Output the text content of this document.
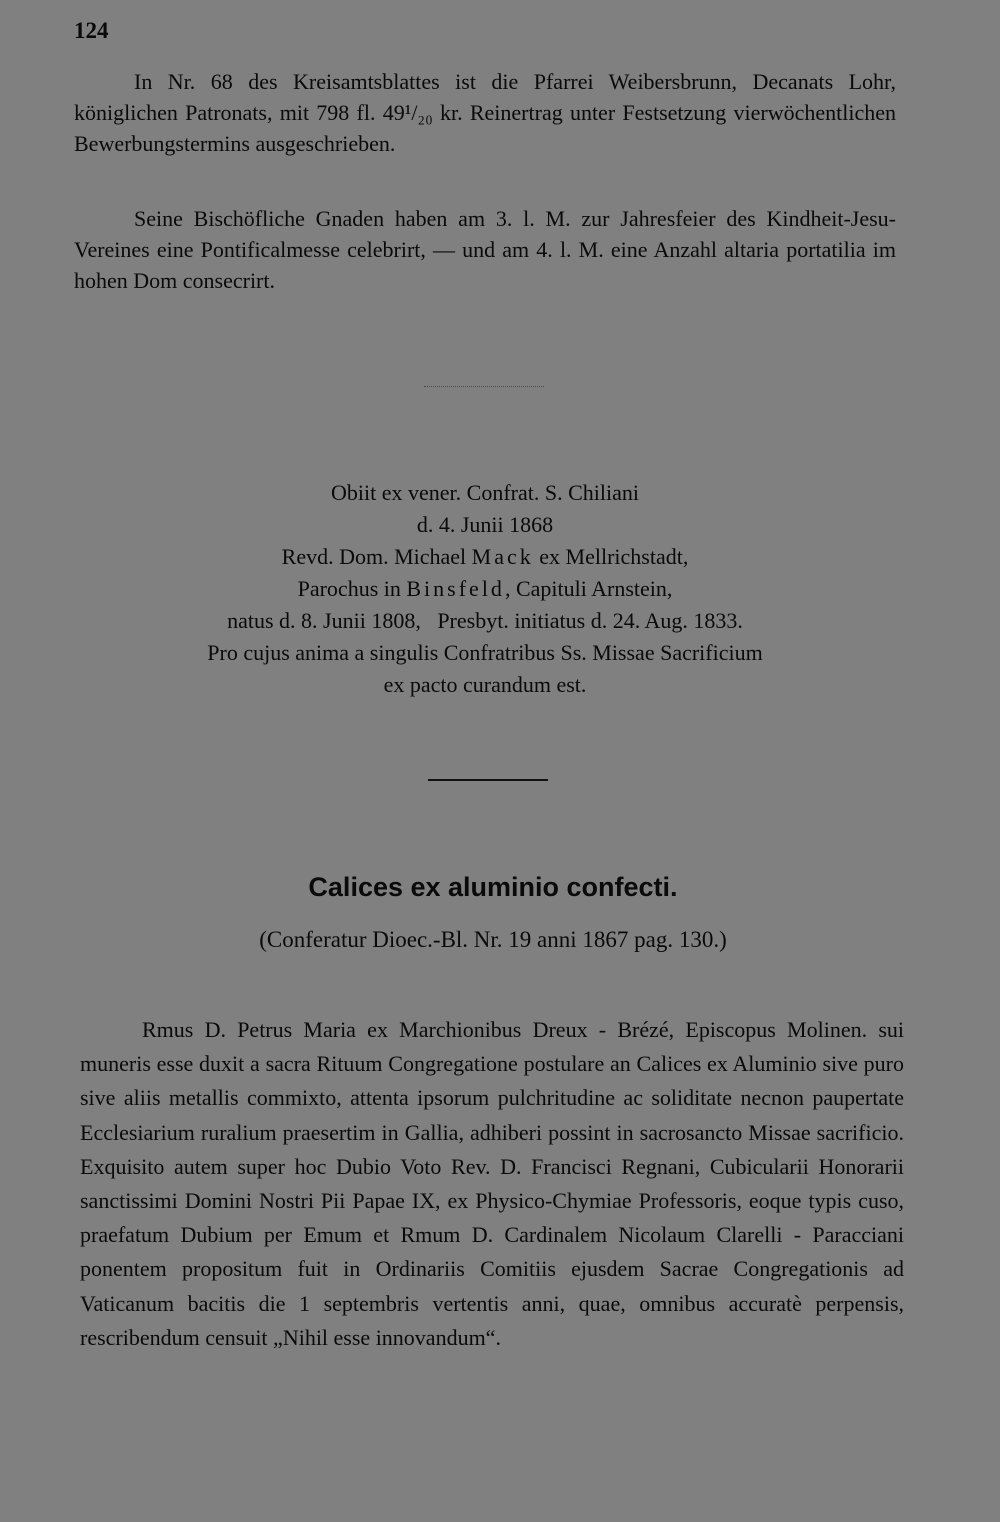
124

In Nr. 68 des Kreisamtsblattes ist die Pfarrei Weibersbrunn, Decanats Lohr, königlichen Patronats, mit 798 fl. 49¹/₂₀ kr. Reinertrag unter Festsetzung vierwöchentlichen Bewerbungstermins ausgeschrieben.

Seine Bischöfliche Gnaden haben am 3. l. M. zur Jahresfeier des Kindheit-Jesu-Vereines eine Pontificalmesse celebrirt, — und am 4. l. M. eine Anzahl altaria portatilia im hohen Dom consecrirt.

Obiit ex vener. Confrat. S. Chiliani
d. 4. Junii 1868
Revd. Dom. Michael Mack ex Mellrichstadt,
Parochus in Binsfeld, Capituli Arnstein,
natus d. 8. Junii 1808,   Presbyt. initiatus d. 24. Aug. 1833.
Pro cujus anima a singulis Confratribus Ss. Missae Sacrificium
ex pacto curandum est.
Calices ex aluminio confecti.
(Conferatur Dioec.-Bl. Nr. 19 anni 1867 pag. 130.)

Rmus D. Petrus Maria ex Marchionibus Dreux - Brézé, Episcopus Molinen. sui muneris esse duxit a sacra Rituum Congregatione postulare an Calices ex Aluminio sive puro sive aliis metallis commixto, attenta ipsorum pulchritudine ac soliditate necnon paupertate Ecclesiarium ruralium praesertim in Gallia, adhiberi possint in sacrosancto Missae sacrificio. Exquisito autem super hoc Dubio Voto Rev. D. Francisci Regnani, Cubicularii Honorarii sanctissimi Domini Nostri Pii Papae IX, ex Physico-Chymiae Professoris, eoque typis cuso, praefatum Dubium per Emum et Rmum D. Cardinalem Nicolaum Clarelli - Paracciani ponentem propositum fuit in Ordinariis Comitiis ejusdem Sacrae Congregationis ad Vaticanum bacitis die 1 septembris vertentis anni, quae, omnibus accuratè perpensis, rescribendum censuit „Nihil esse innovandum“.
